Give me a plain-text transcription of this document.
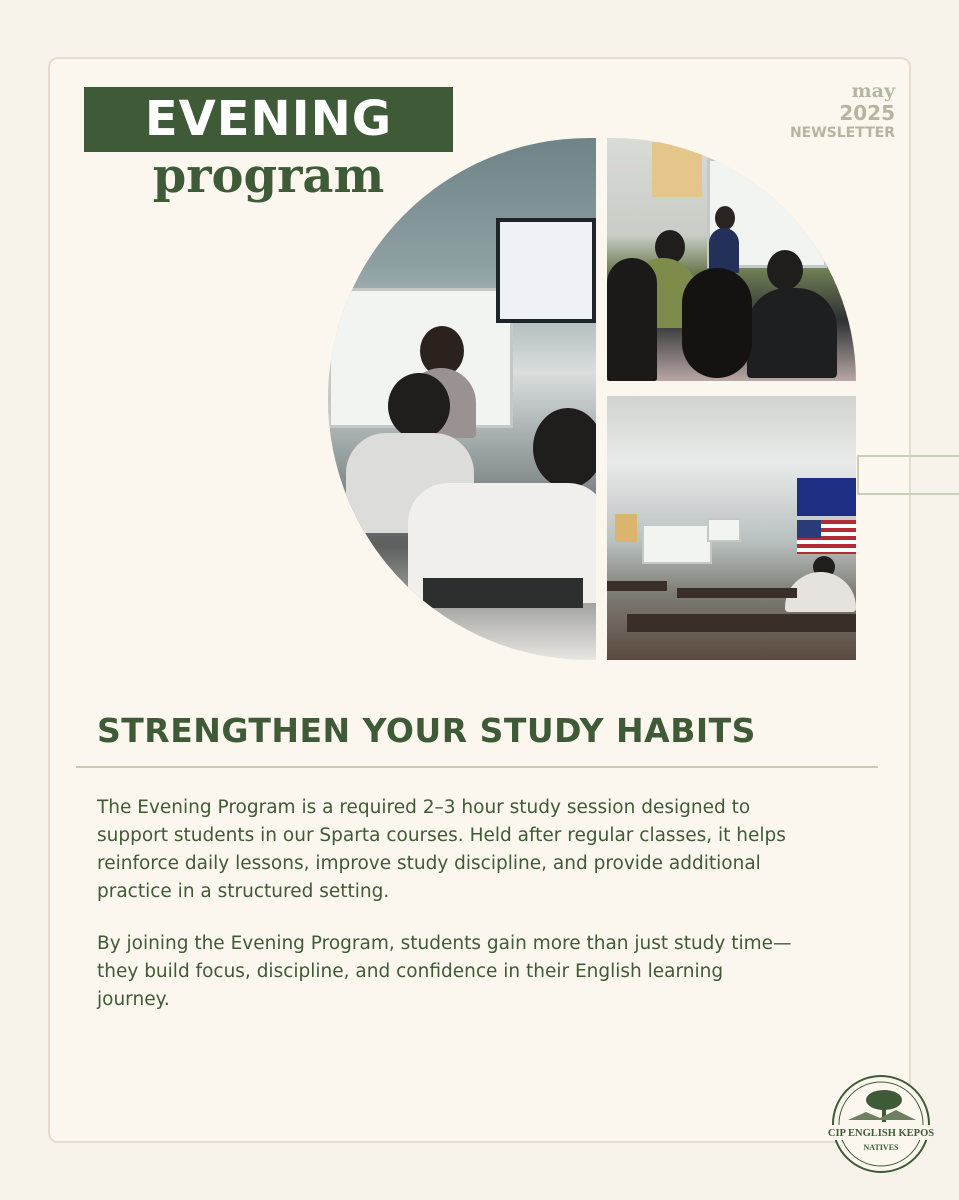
EVENING
program
may
2025
NEWSLETTER
STRENGTHEN YOUR STUDY HABITS

The Evening Program is a required 2–3 hour study session designed to support students in our Sparta courses. Held after regular classes, it helps reinforce daily lessons, improve study discipline, and provide additional practice in a structured setting.

By joining the Evening Program, students gain more than just study time—they build focus, discipline, and confidence in their English learning journey.

CIP ENGLISH KEPOS
NATIVES
